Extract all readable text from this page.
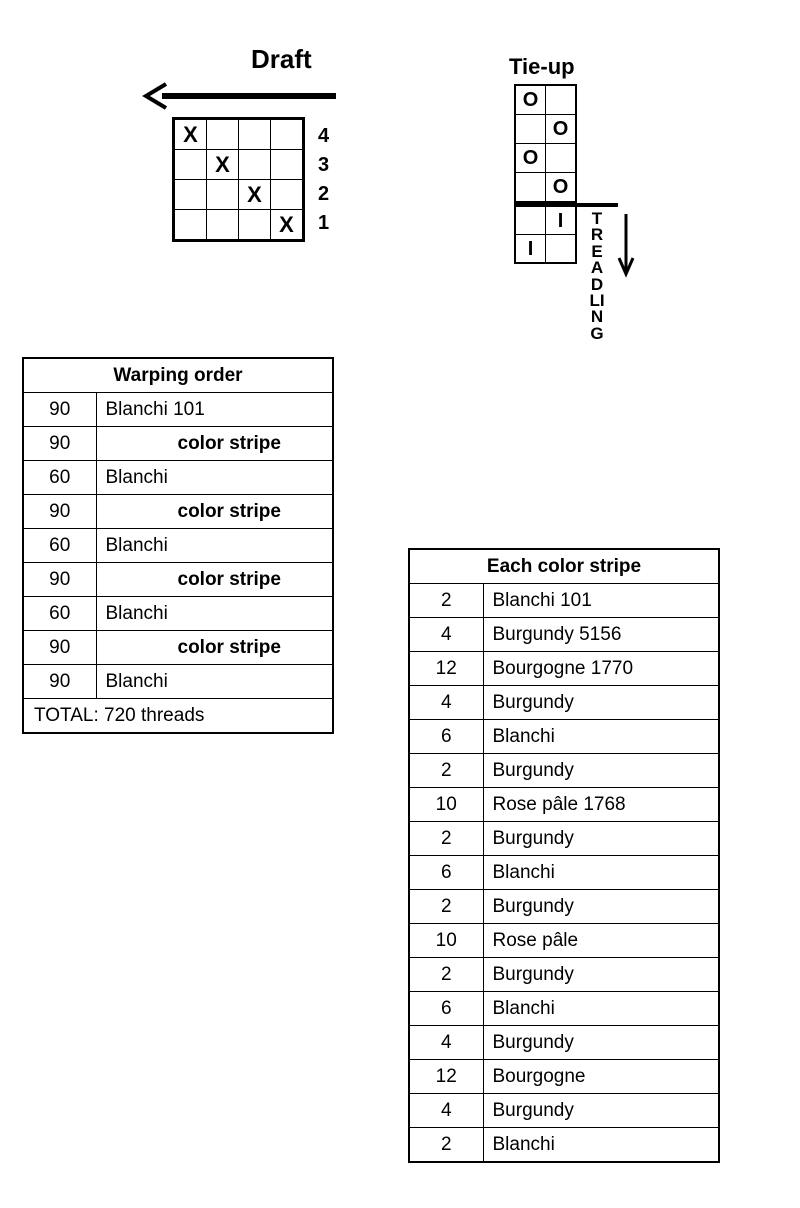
Draft
X			
	X		
		X	
			X
4
3
2
1
Tie-up
O	
	O
O	
	O
	I
I	
TREADLING
Warping order	
90	Blanchi 101
90	color stripe
60	Blanchi
90	color stripe
60	Blanchi
90	color stripe
60	Blanchi
90	color stripe
90	Blanchi
TOTAL: 720 threads	
Each color stripe	
2	Blanchi 101
4	Burgundy 5156
12	Bourgogne 1770
4	Burgundy
6	Blanchi
2	Burgundy
10	Rose pâle 1768
2	Burgundy
6	Blanchi
2	Burgundy
10	Rose pâle
2	Burgundy
6	Blanchi
4	Burgundy
12	Bourgogne
4	Burgundy
2	Blanchi
